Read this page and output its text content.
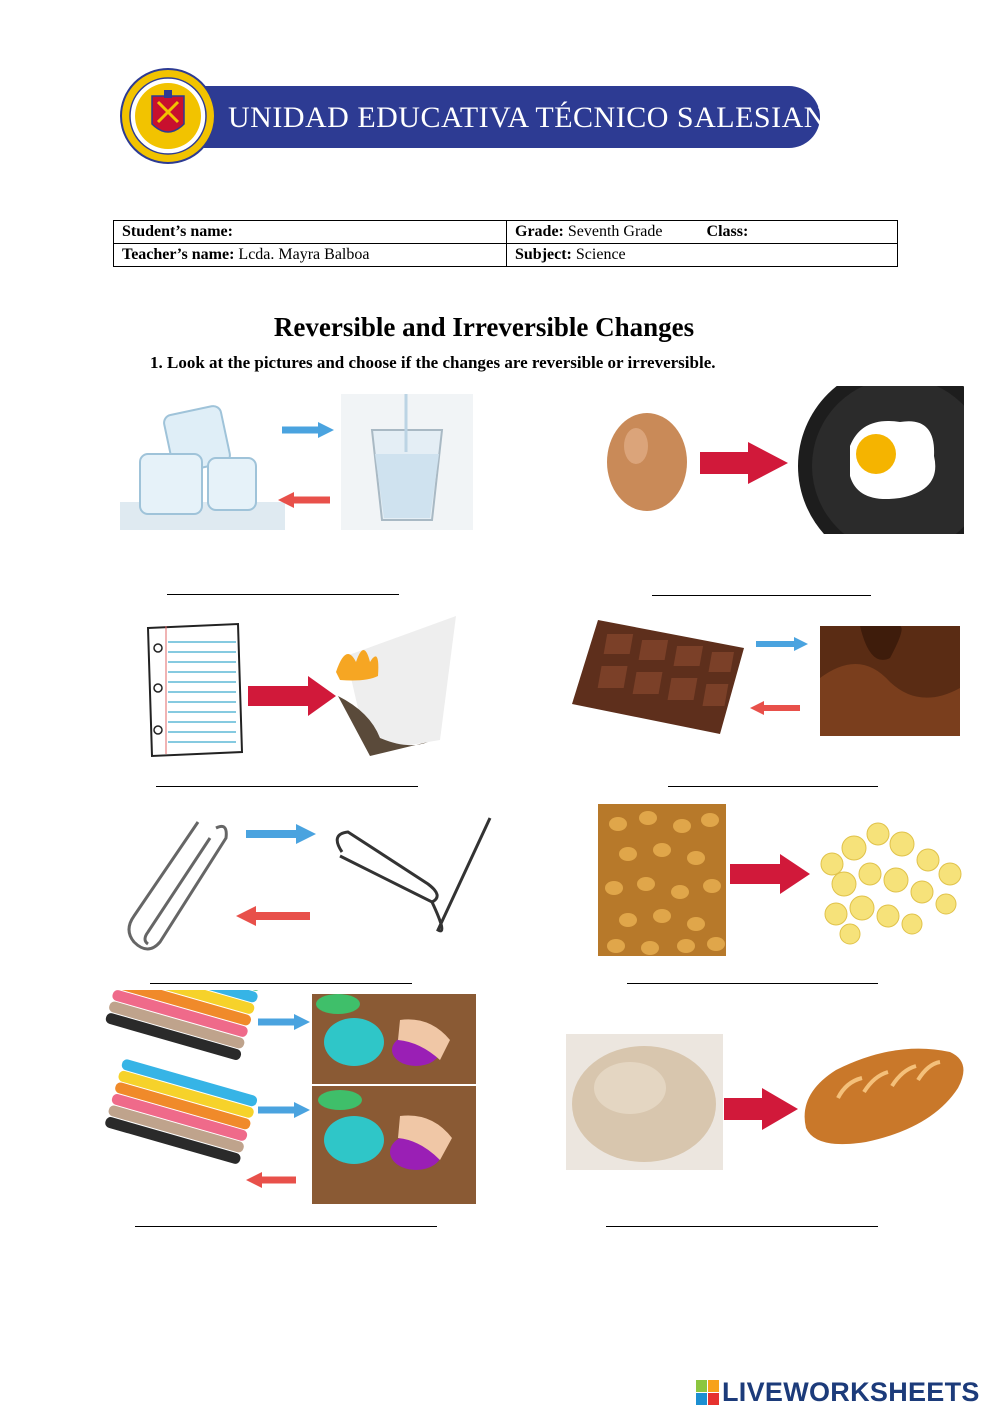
UNIDAD EDUCATIVA TÉCNICO SALESIANO
Student’s name:	Grade: Seventh Grade Class:
Teacher’s name: Lcda. Mayra Balboa	Subject: Science
Reversible and Irreversible Changes
1. Look at the pictures and choose if the changes are reversible or irreversible.
LIVEWORKSHEETS
